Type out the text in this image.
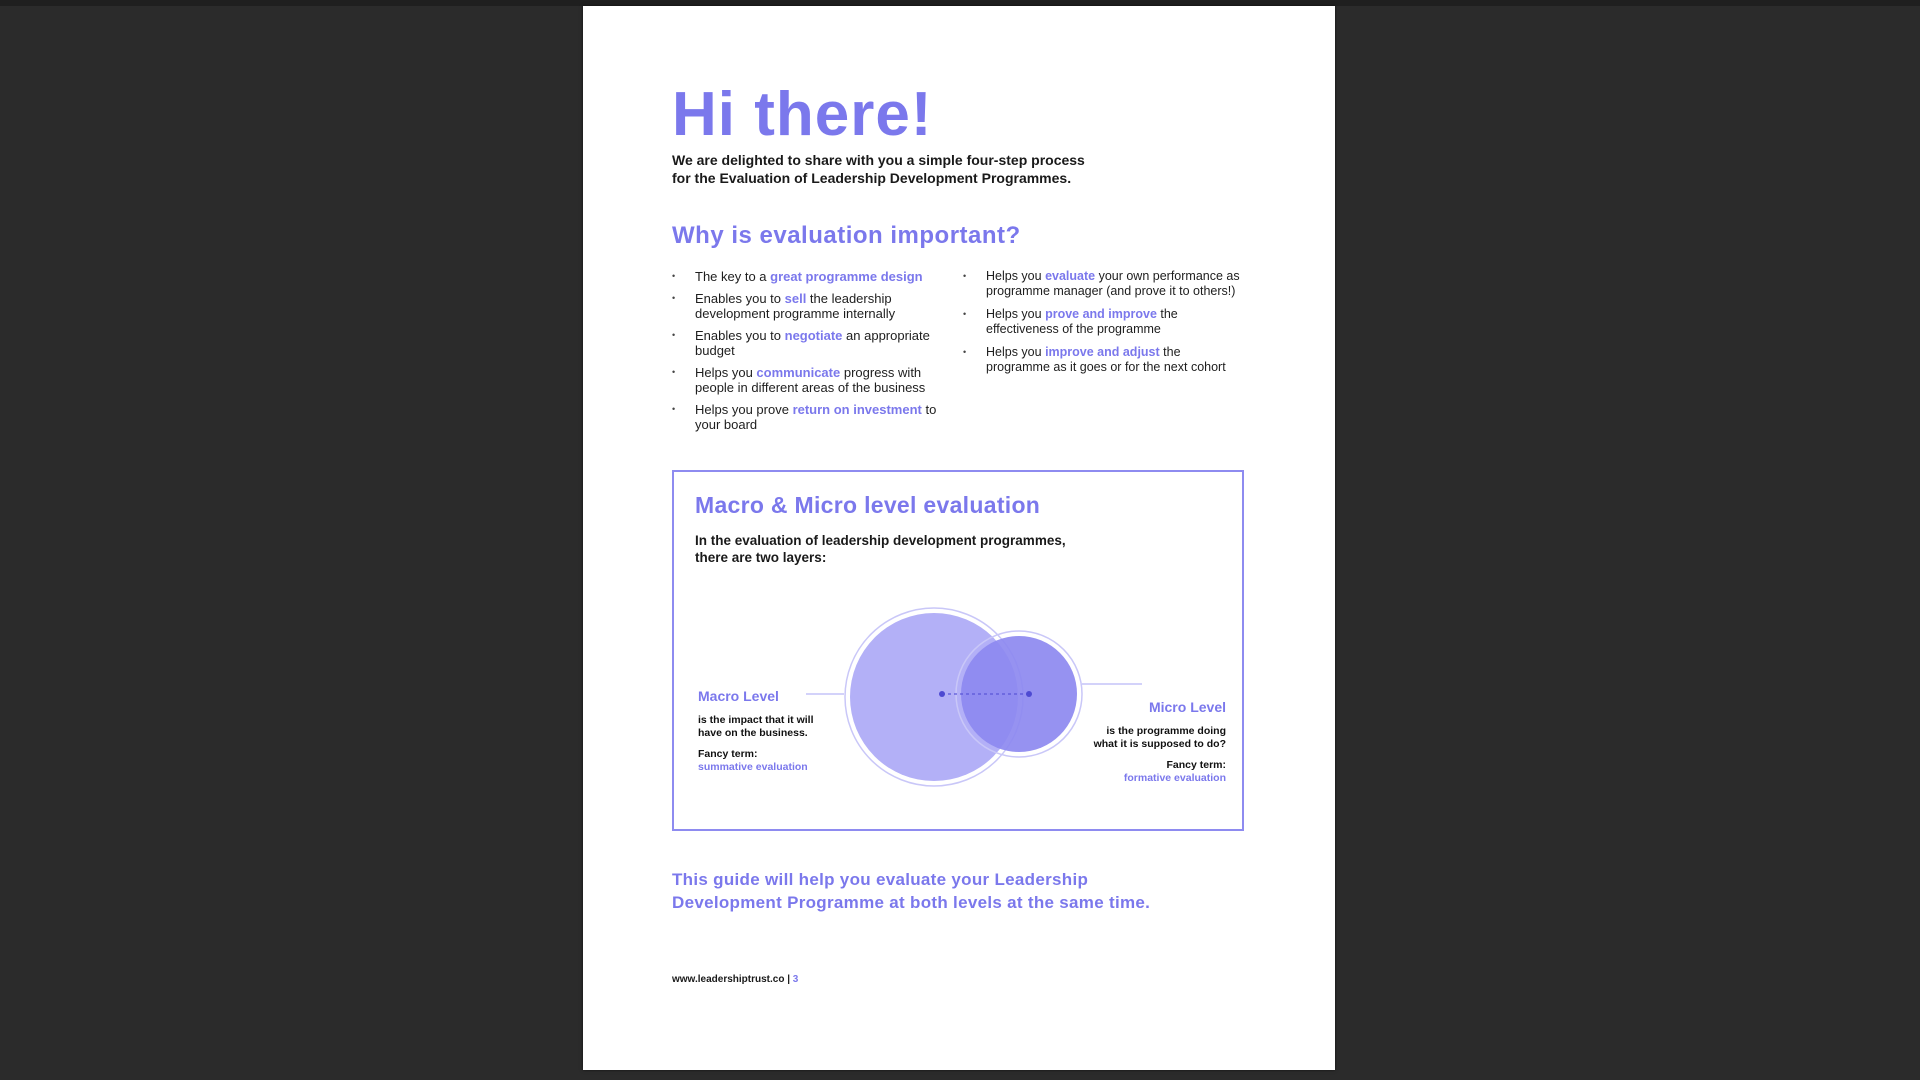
Hi there!
We are delighted to share with you a simple four-step process
for the Evaluation of Leadership Development Programmes.
Why is evaluation important?
• The key to a great programme design
• Enables you to sell the leadership development programme internally
• Enables you to negotiate an appropriate budget
• Helps you communicate progress with people in different areas of the business
• Helps you prove return on investment to your board
• Helps you evaluate your own performance as programme manager (and prove it to others!)
• Helps you prove and improve the effectiveness of the programme
• Helps you improve and adjust the programme as it goes or for the next cohort
Macro & Micro level evaluation
In the evaluation of leadership development programmes,
there are two layers:
Macro Level
is the impact that it will
have on the business.
Fancy term:
summative evaluation
Micro Level
is the programme doing
what it is supposed to do?
Fancy term:
formative evaluation
This guide will help you evaluate your Leadership
Development Programme at both levels at the same time.
www.leadershiptrust.co | 3
